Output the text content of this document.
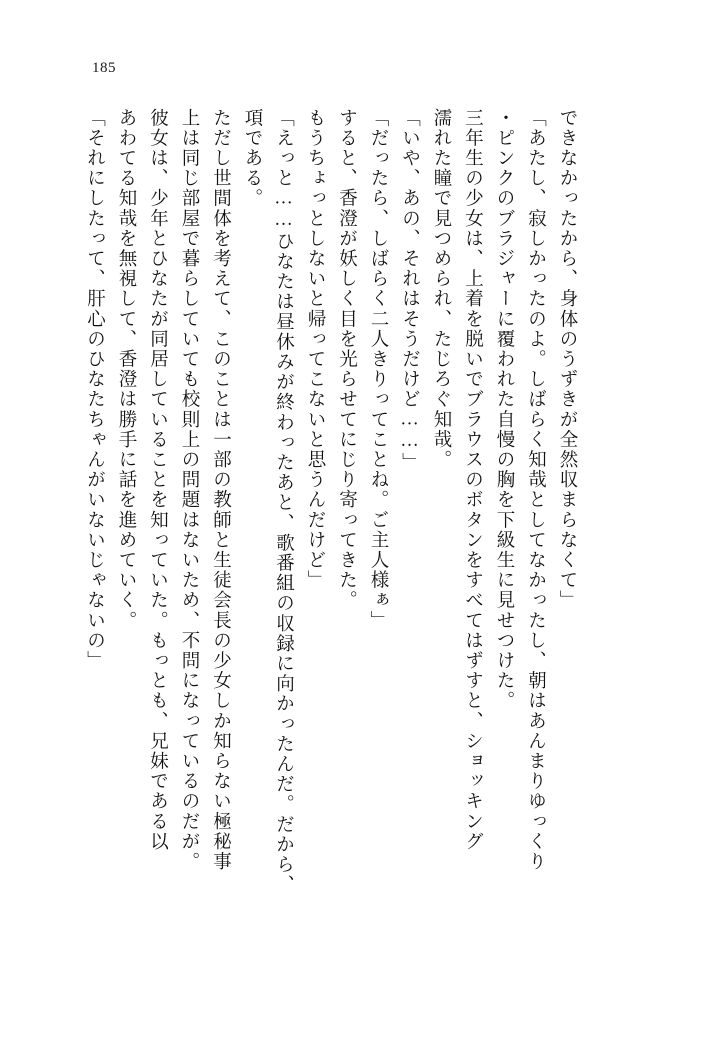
185
「それにしたって、肝心のひなたちゃんがいないじゃないの」 あわてる知哉を無視して、香澄は勝手に話を進めていく。 彼女は、少年とひなたが同居していることを知っていた。もっとも、兄妹である以 上は同じ部屋で暮らしていても校則上の問題はないため、不問になっているのだが。 ただし世間体を考えて、このことは一部の教師と生徒会長の少女しか知らない極秘事 項である。 「えっと……ひなたは昼休みが終わったあと、歌番組の収録に向かったんだ。だから、 もうちょっとしないと帰ってこないと思うんだけど」 すると、香澄が妖しく目を光らせてにじり寄ってきた。 「だったら、しばらく二人きりってことね。ご主人様ぁ」 「いや、あの、それはそうだけど……」 濡れた瞳で見つめられ、たじろぐ知哉。 三年生の少女は、上着を脱いでブラウスのボタンをすべてはずすと、ショッキング ・ピンクのブラジャーに覆われた自慢の胸を下級生に見せつけた。 「あたし、寂しかったのよ。しばらく知哉としてなかったし、朝はあんまりゆっくり できなかったから、身体のうずきが全然収まらなくて」
